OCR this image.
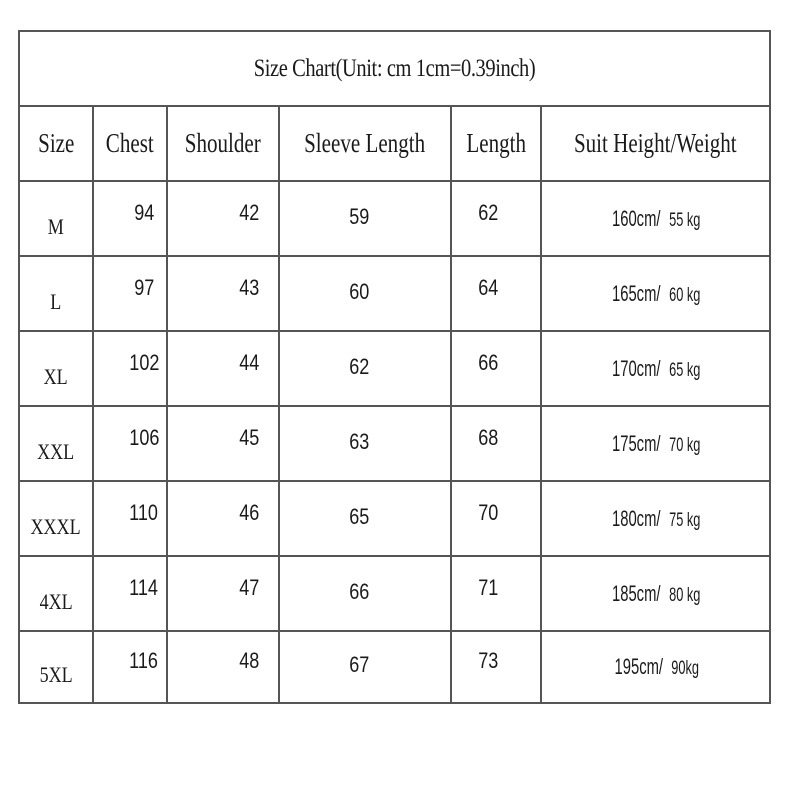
Size Chart(Unit: cm 1cm=0.39inch)					
Size	Chest	Shoulder	Sleeve Length	Length	Suit Height/Weight
M	94	42	59	62	160cm/55 kg
L	97	43	60	64	165cm/60 kg
XL	102	44	62	66	170cm/ 65 kg
XXL	106	45	63	68	175cm/ 70 kg
XXXL	110	46	65	70	180cm/75 kg
4XL	114	47	66	71	185cm/ 80 kg
5XL	116	48	67	73	195cm/ 90kg
